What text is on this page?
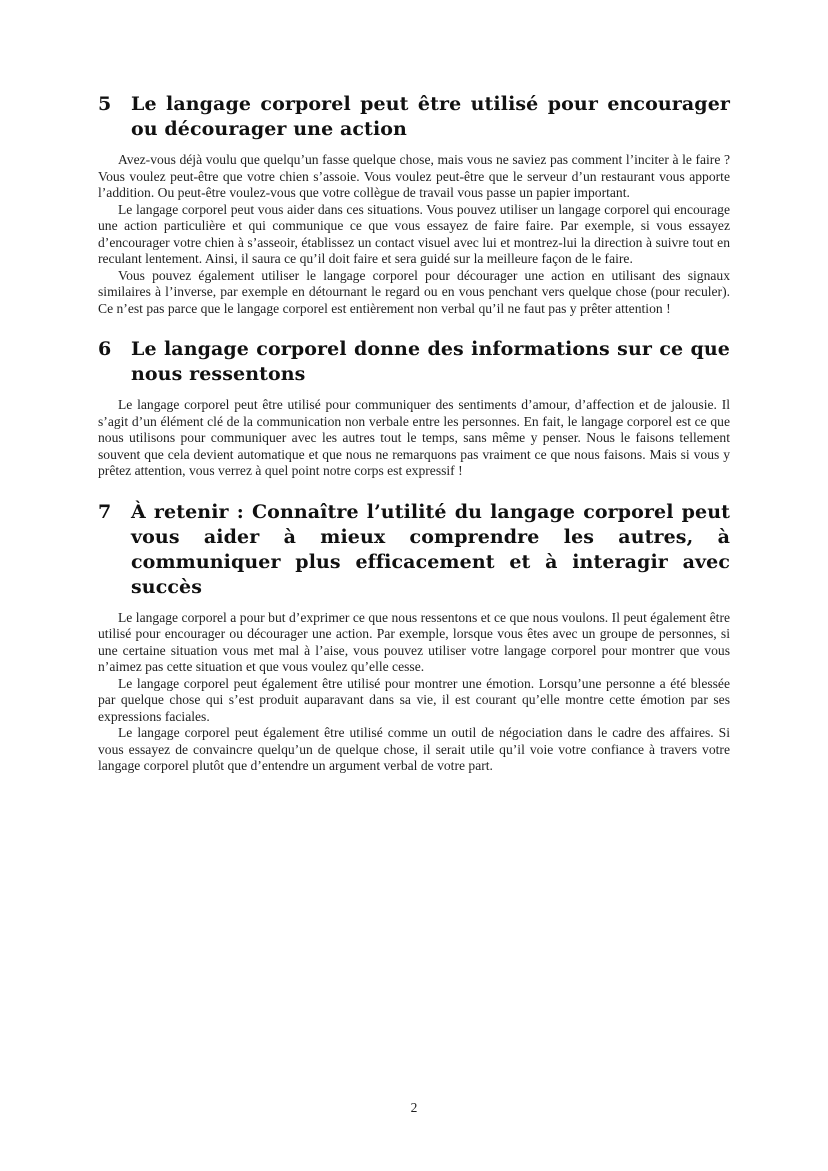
5	Le langage corporel peut être utilisé pour encourager ou décourager une action

Avez-vous déjà voulu que quelqu’un fasse quelque chose, mais vous ne saviez pas comment l’inciter à le faire ? Vous voulez peut-être que votre chien s’assoie. Vous voulez peut-être que le serveur d’un restaurant vous apporte l’addition. Ou peut-être voulez-vous que votre collègue de travail vous passe un papier important.

Le langage corporel peut vous aider dans ces situations. Vous pouvez utiliser un langage corporel qui encourage une action particulière et qui communique ce que vous essayez de faire faire. Par exemple, si vous essayez d’encourager votre chien à s’asseoir, établissez un contact visuel avec lui et montrez-lui la direction à suivre tout en reculant lentement. Ainsi, il saura ce qu’il doit faire et sera guidé sur la meilleure façon de le faire.

Vous pouvez également utiliser le langage corporel pour décourager une action en utilisant des signaux similaires à l’inverse, par exemple en détournant le regard ou en vous penchant vers quelque chose (pour reculer). Ce n’est pas parce que le langage corporel est entièrement non verbal qu’il ne faut pas y prêter attention !

6	Le langage corporel donne des informations sur ce que nous ressentons

Le langage corporel peut être utilisé pour communiquer des sentiments d’amour, d’affection et de jalousie. Il s’agit d’un élément clé de la communication non verbale entre les personnes. En fait, le langage corporel est ce que nous utilisons pour communiquer avec les autres tout le temps, sans même y penser. Nous le faisons tellement souvent que cela devient automatique et que nous ne remarquons pas vraiment ce que nous faisons. Mais si vous y prêtez attention, vous verrez à quel point notre corps est expressif !

7	À retenir : Connaître l’utilité du langage corporel peut vous aider à mieux comprendre les autres, à communiquer plus efficacement et à interagir avec succès

Le langage corporel a pour but d’exprimer ce que nous ressentons et ce que nous voulons. Il peut également être utilisé pour encourager ou décourager une action. Par exemple, lorsque vous êtes avec un groupe de personnes, si une certaine situation vous met mal à l’aise, vous pouvez utiliser votre langage corporel pour montrer que vous n’aimez pas cette situation et que vous voulez qu’elle cesse.

Le langage corporel peut également être utilisé pour montrer une émotion. Lorsqu’une personne a été blessée par quelque chose qui s’est produit auparavant dans sa vie, il est courant qu’elle montre cette émotion par ses expressions faciales.

Le langage corporel peut également être utilisé comme un outil de négociation dans le cadre des affaires. Si vous essayez de convaincre quelqu’un de quelque chose, il serait utile qu’il voie votre confiance à travers votre langage corporel plutôt que d’entendre un argument verbal de votre part.

2
